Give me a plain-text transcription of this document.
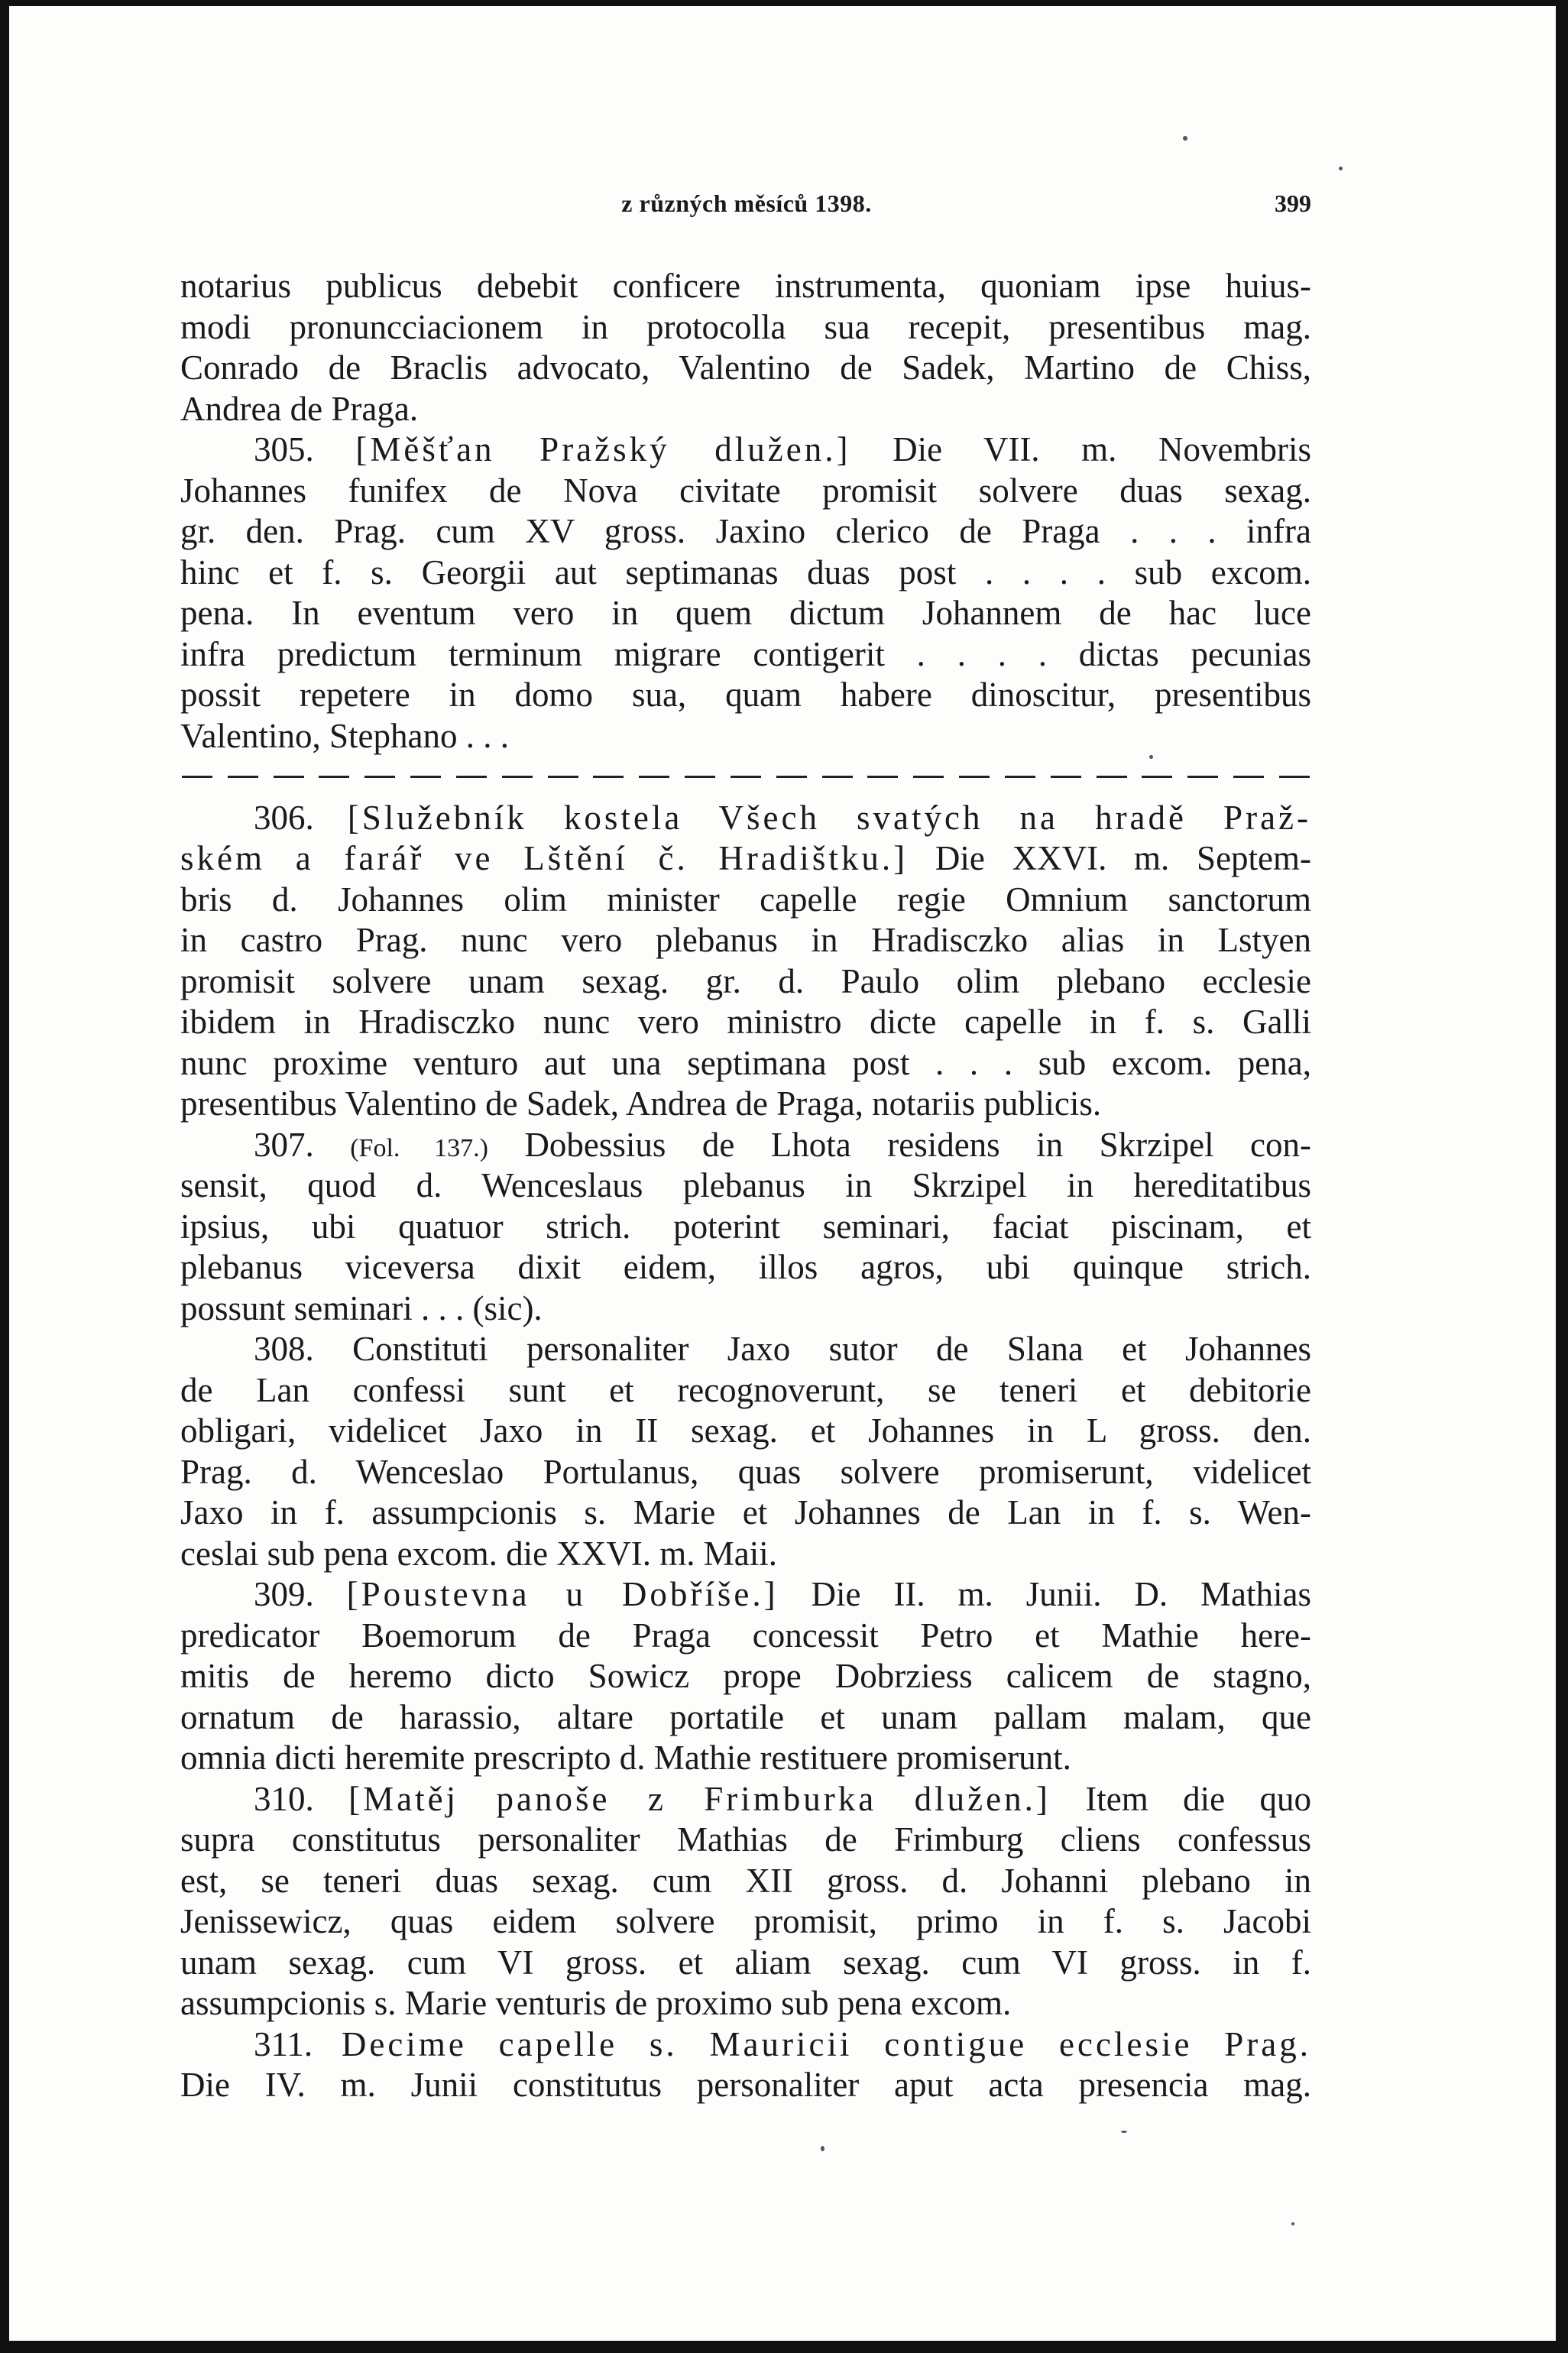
z různých měsíců 1398.	399
notarius publicus debebit conficere instrumenta, quoniam ipse huius-
modi pronuncciacionem in protocolla sua recepit, presentibus mag.
Conrado de Braclis advocato, Valentino de Sadek, Martino de Chiss,
Andrea de Praga.
305. [Měšťan Pražský dlužen.] Die VII. m. Novembris
Johannes funifex de Nova civitate promisit solvere duas sexag.
gr. den. Prag. cum XV gross. Jaxino clerico de Praga . . . infra
hinc et f. s. Georgii aut septimanas duas post . . . . sub excom.
pena. In eventum vero in quem dictum Johannem de hac luce
infra predictum terminum migrare contigerit . . . . dictas pecunias
possit repetere in domo sua, quam habere dinoscitur, presentibus
Valentino, Stephano . . .
306. [Služebník kostela Všech svatých na hradě Praž-
ském a farář ve Lštění č. Hradištku.] Die XXVI. m. Septem-
bris d. Johannes olim minister capelle regie Omnium sanctorum
in castro Prag. nunc vero plebanus in Hradisczko alias in Lstyen
promisit solvere unam sexag. gr. d. Paulo olim plebano ecclesie
ibidem in Hradisczko nunc vero ministro dicte capelle in f. s. Galli
nunc proxime venturo aut una septimana post . . . sub excom. pena,
presentibus Valentino de Sadek, Andrea de Praga, notariis publicis.
307. (Fol. 137.) Dobessius de Lhota residens in Skrzipel con-
sensit, quod d. Wenceslaus plebanus in Skrzipel in hereditatibus
ipsius, ubi quatuor strich. poterint seminari, faciat piscinam, et
plebanus viceversa dixit eidem, illos agros, ubi quinque strich.
possunt seminari . . . (sic).
308. Constituti personaliter Jaxo sutor de Slana et Johannes
de Lan confessi sunt et recognoverunt, se teneri et debitorie
obligari, videlicet Jaxo in II sexag. et Johannes in L gross. den.
Prag. d. Wenceslao Portulanus, quas solvere promiserunt, videlicet
Jaxo in f. assumpcionis s. Marie et Johannes de Lan in f. s. Wen-
ceslai sub pena excom. die XXVI. m. Maii.
309. [Poustevna u Dobříše.] Die II. m. Junii. D. Mathias
predicator Boemorum de Praga concessit Petro et Mathie here-
mitis de heremo dicto Sowicz prope Dobrziess calicem de stagno,
ornatum de harassio, altare portatile et unam pallam malam, que
omnia dicti heremite prescripto d. Mathie restituere promiserunt.
310. [Matěj panoše z Frimburka dlužen.] Item die quo
supra constitutus personaliter Mathias de Frimburg cliens confessus
est, se teneri duas sexag. cum XII gross. d. Johanni plebano in
Jenissewicz, quas eidem solvere promisit, primo in f. s. Jacobi
unam sexag. cum VI gross. et aliam sexag. cum VI gross. in f.
assumpcionis s. Marie venturis de proximo sub pena excom.
311. Decime capelle s. Mauricii contigue ecclesie Prag.
Die IV. m. Junii constitutus personaliter aput acta presencia mag.
